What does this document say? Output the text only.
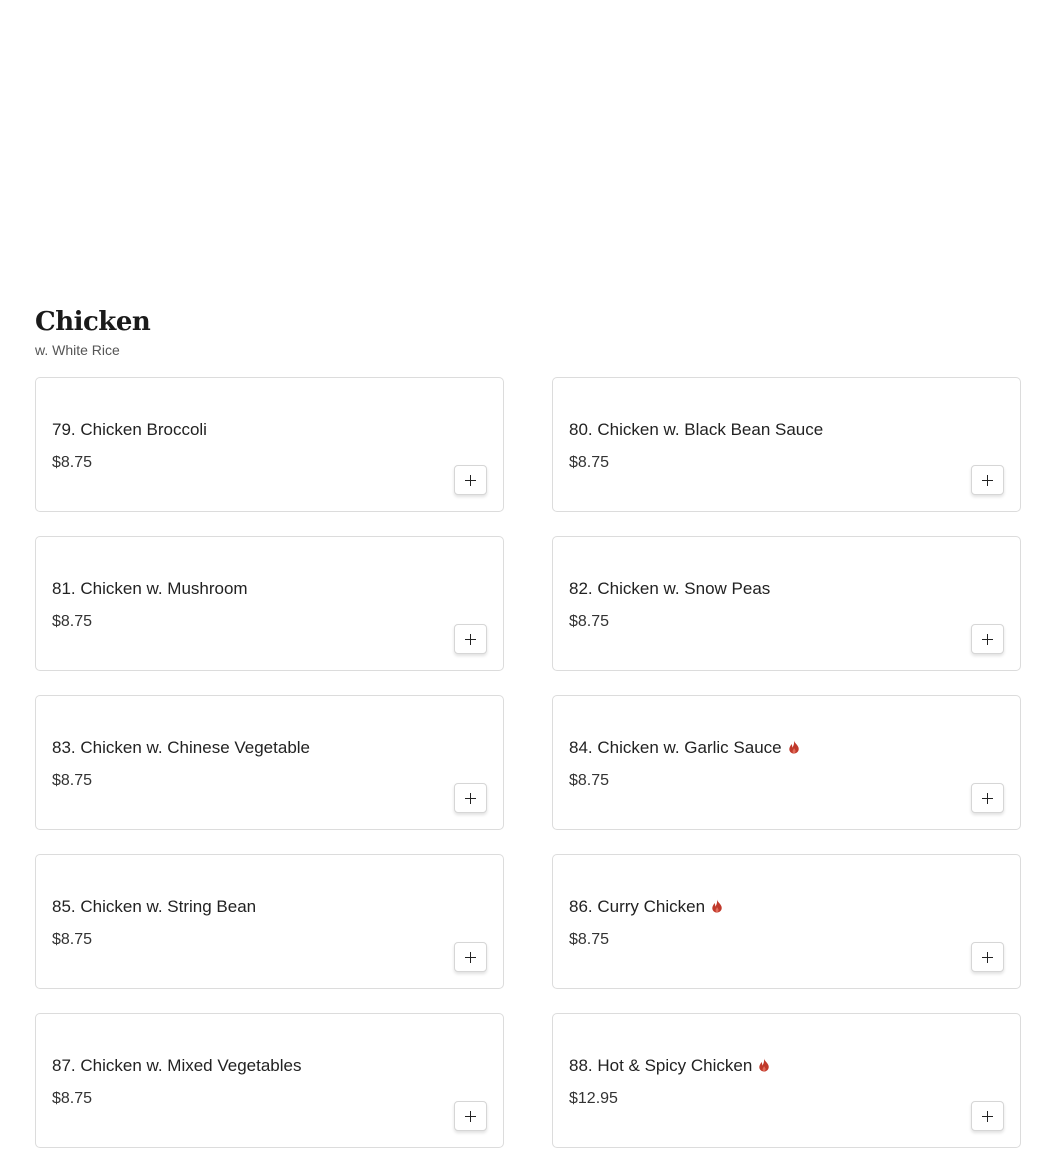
Chicken
w. White Rice
79. Chicken Broccoli
$8.75
80. Chicken w. Black Bean Sauce
$8.75
81. Chicken w. Mushroom
$8.75
82. Chicken w. Snow Peas
$8.75
83. Chicken w. Chinese Vegetable
$8.75
84. Chicken w. Garlic Sauce
$8.75
85. Chicken w. String Bean
$8.75
86. Curry Chicken
$8.75
87. Chicken w. Mixed Vegetables
$8.75
88. Hot & Spicy Chicken
$12.95
